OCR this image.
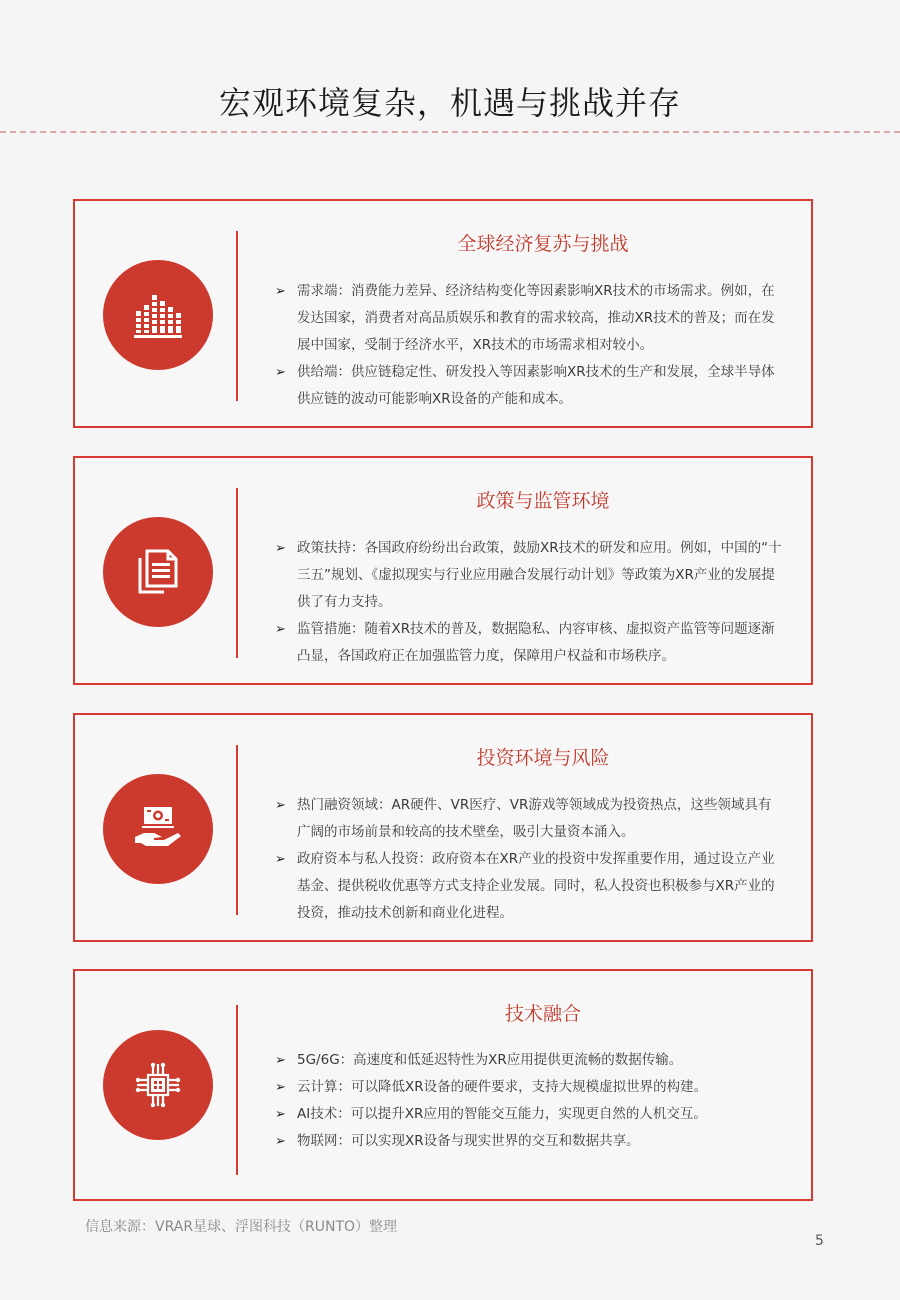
宏观环境复杂，机遇与挑战并存
全球经济复苏与挑战
➢ 需求端：消费能力差异、经济结构变化等因素影响XR技术的市场需求。例如，在发达国家，消费者对高品质娱乐和教育的需求较高，推动XR技术的普及；而在发展中国家，受制于经济水平，XR技术的市场需求相对较小。
➢ 供给端：供应链稳定性、研发投入等因素影响XR技术的生产和发展，全球半导体供应链的波动可能影响XR设备的产能和成本。
政策与监管环境
➢ 政策扶持：各国政府纷纷出台政策，鼓励XR技术的研发和应用。例如，中国的“十三五”规划、《虚拟现实与行业应用融合发展行动计划》等政策为XR产业的发展提供了有力支持。
➢ 监管措施：随着XR技术的普及，数据隐私、内容审核、虚拟资产监管等问题逐渐凸显，各国政府正在加强监管力度，保障用户权益和市场秩序。
投资环境与风险
➢ 热门融资领域：AR硬件、VR医疗、VR游戏等领域成为投资热点，这些领域具有广阔的市场前景和较高的技术壁垒，吸引大量资本涌入。
➢ 政府资本与私人投资：政府资本在XR产业的投资中发挥重要作用，通过设立产业基金、提供税收优惠等方式支持企业发展。同时，私人投资也积极参与XR产业的投资，推动技术创新和商业化进程。
技术融合
➢ 5G/6G：高速度和低延迟特性为XR应用提供更流畅的数据传输。
➢ 云计算：可以降低XR设备的硬件要求，支持大规模虚拟世界的构建。
➢ AI技术：可以提升XR应用的智能交互能力，实现更自然的人机交互。
➢ 物联网：可以实现XR设备与现实世界的交互和数据共享。
信息来源：VRAR星球、浮图科技（RUNTO）整理
5
